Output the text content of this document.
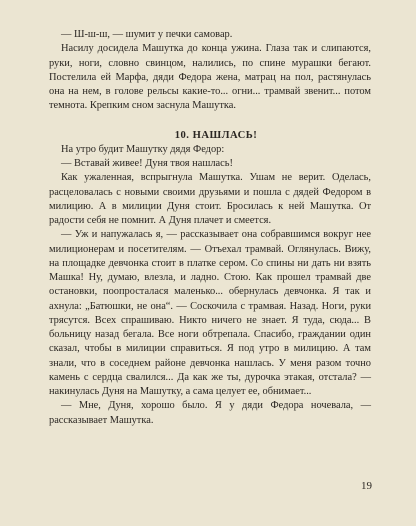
— Ш-ш-ш, — шумит у печки самовар.

Насилу досидела Машутка до конца ужина. Глаза так и слипаются, руки, ноги, словно свинцом, налились, по спине мурашки бегают. Постелила ей Марфа, дяди Федора жена, матрац на пол, растянулась она на нем, в голове рельсы какие-то... огни... трамвай звенит... потом темнота. Крепким сном заснула Машутка.

10. НАШЛАСЬ!

На утро будит Машутку дядя Федор:

— Вставай живее! Дуня твоя нашлась!

Как ужаленная, вспрыгнула Машутка. Ушам не верит. Оделась, расцеловалась с новыми своими друзьями и пошла с дядей Федором в милицию. А в милиции Дуня стоит. Бросилась к ней Машутка. От радости себя не помнит. А Дуня плачет и смеется.

— Уж и напужалась я, — рассказывает она собравшимся вокруг нее милиционерам и посетителям. — Отъехал трамвай. Оглянулась. Вижу, на площадке девчонка стоит в платке сером. Со спины ни дать ни взять Машка! Ну, думаю, влезла, и ладно. Стою. Как прошел трамвай две остановки, поопросталася маленько... обернулась девчонка. Я так и ахнула: „Батюшки, не она“. — Соскочила с трамвая. Назад. Ноги, руки трясутся. Всех спрашиваю. Никто ничего не знает. Я туда, сюда... В больницу назад бегала. Все ноги обтрепала. Спасибо, граждании один сказал, чтобы в милиции справиться. Я под утро в милицию. А там знали, что в соседнем районе девчонка нашлась. У меня разом точно камень с сердца свалился... Да как же ты, дурочка этакая, отстала? — накинулась Дуня на Машутку, а сама целует ее, обнимает...

— Мне, Дуня, хорошо было. Я у дяди Федора ночевала, — рассказывает Машутка.

19
